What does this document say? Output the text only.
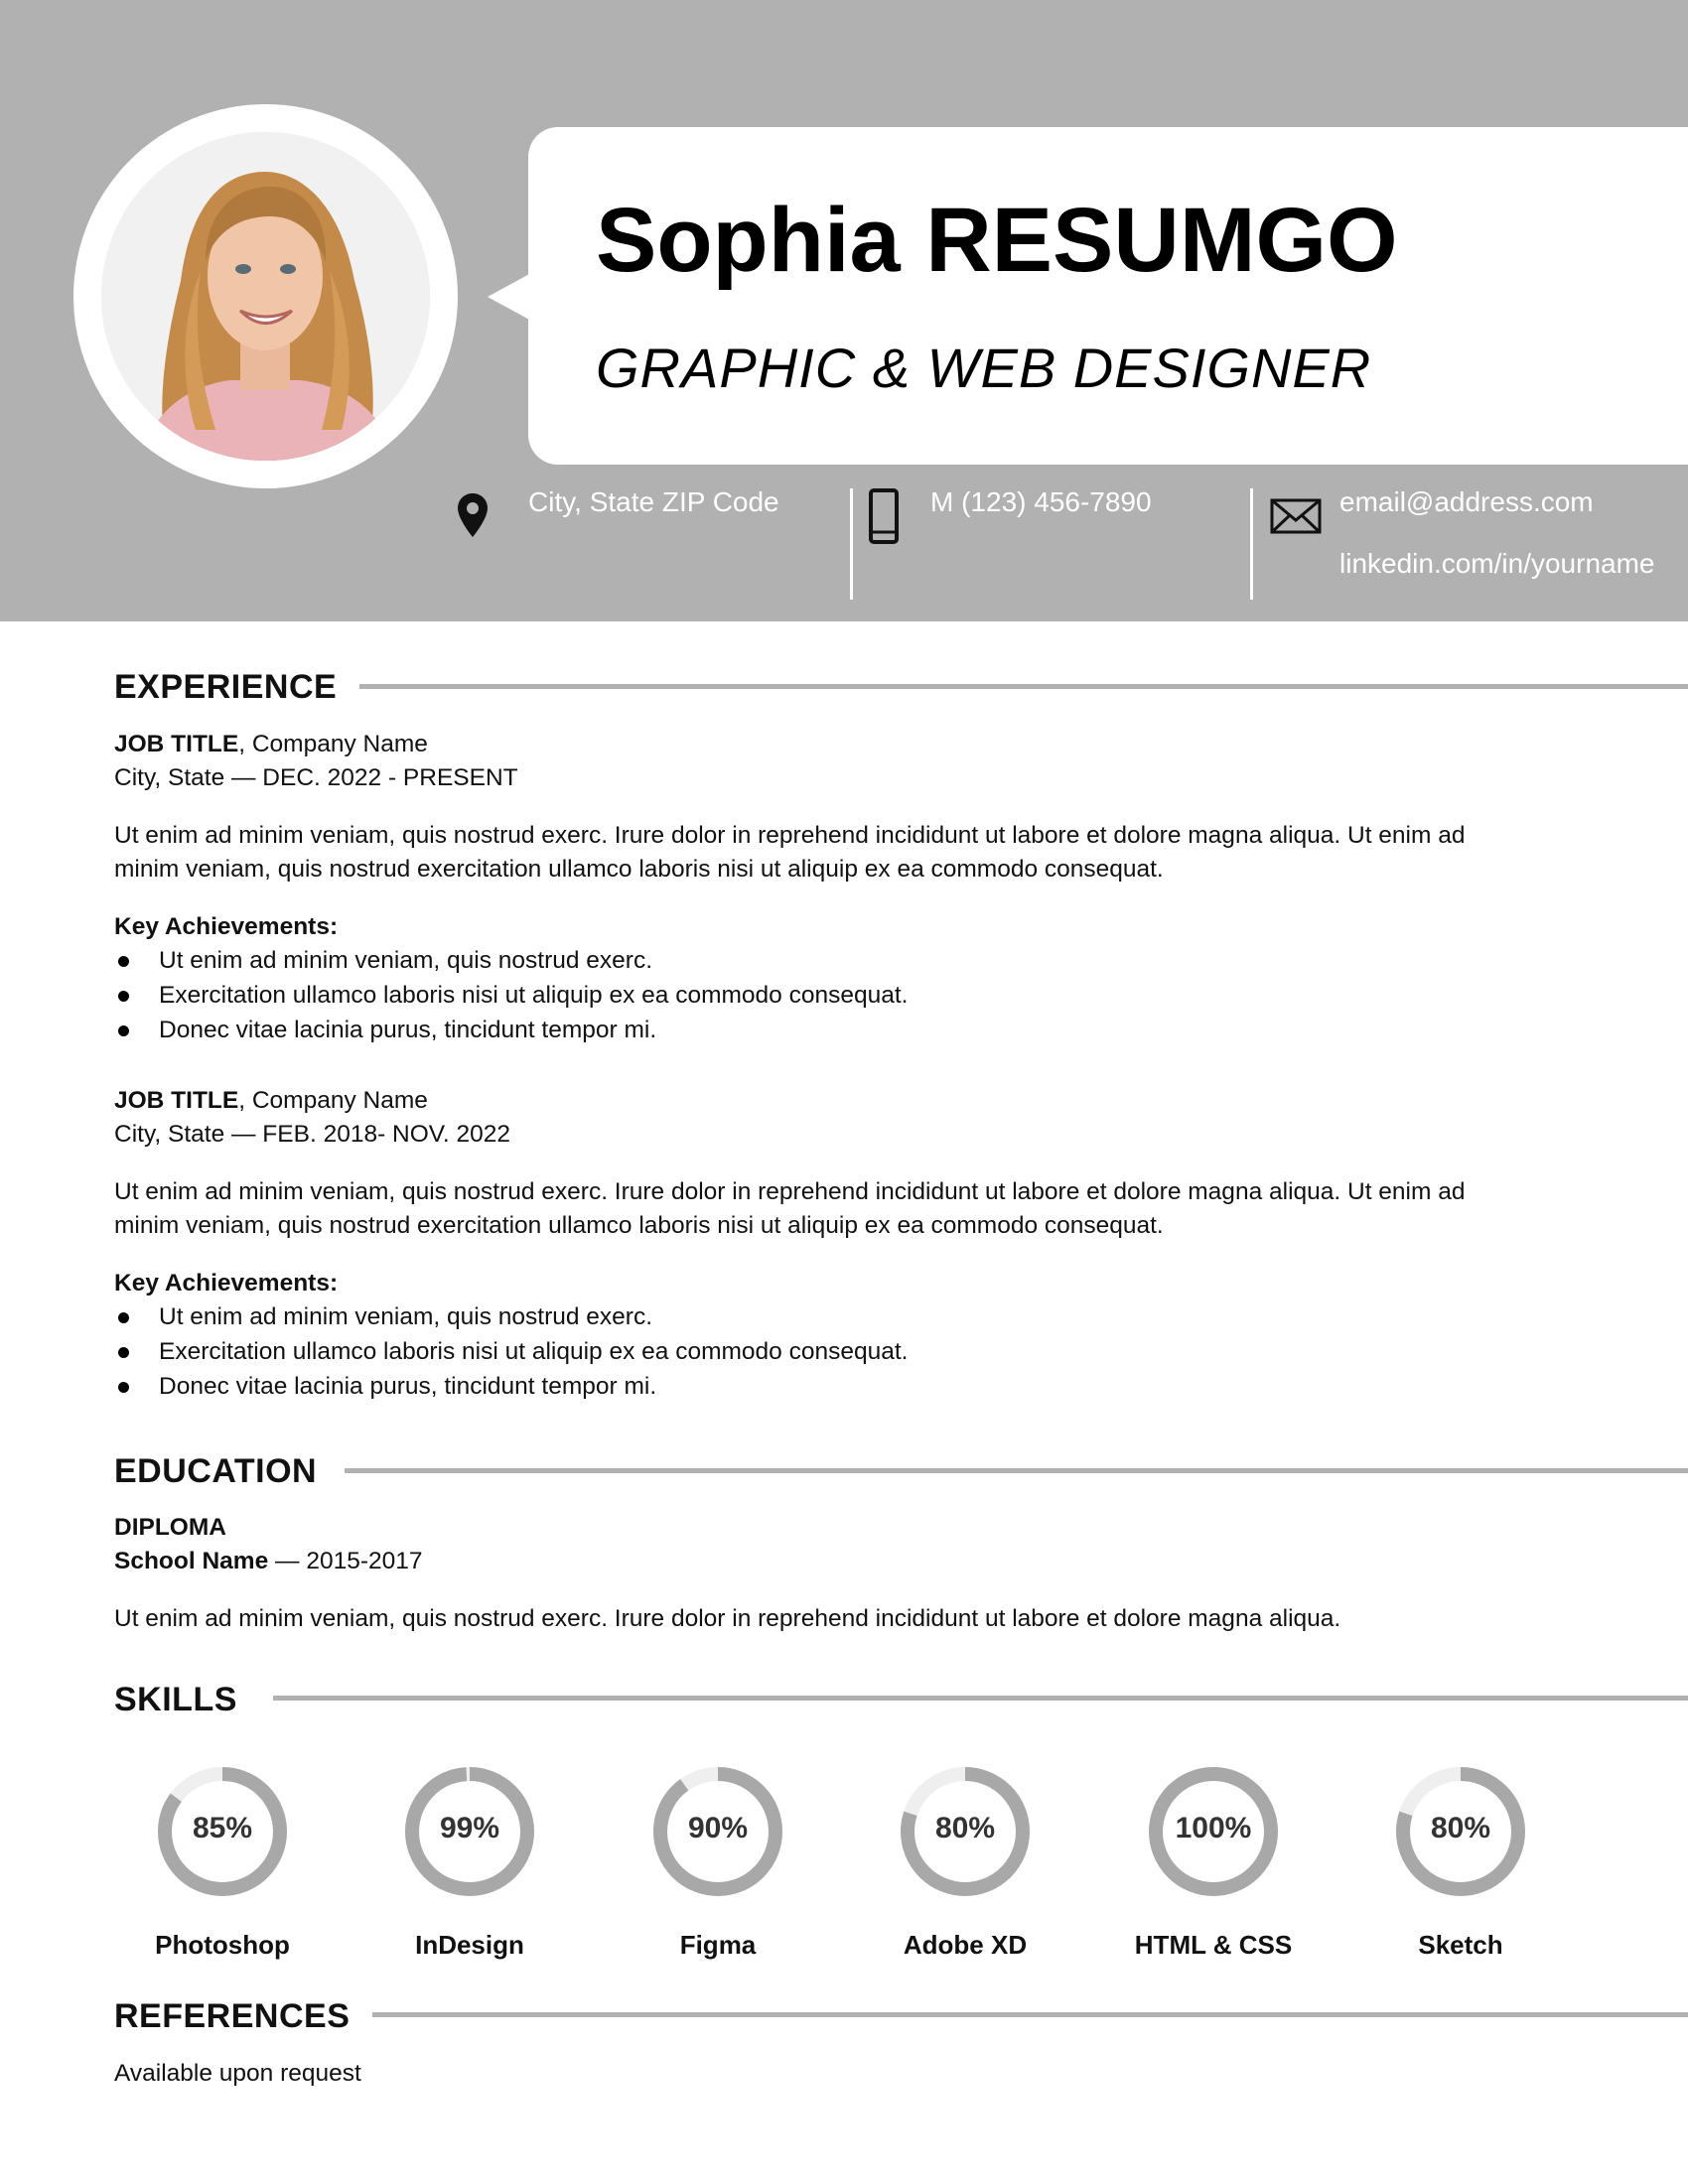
Sophia RESUMGO
GRAPHIC & WEB DESIGNER
City, State ZIP Code	M (123) 456-7890	email@address.com
linkedin.com/in/yourname
EXPERIENCE
JOB TITLE, Company Name
City, State — DEC. 2022 - PRESENT
Ut enim ad minim veniam, quis nostrud exerc. Irure dolor in reprehend incididunt ut labore et dolore magna aliqua. Ut enim ad
minim veniam, quis nostrud exercitation ullamco laboris nisi ut aliquip ex ea commodo consequat.
Key Achievements:
Ut enim ad minim veniam, quis nostrud exerc.
Exercitation ullamco laboris nisi ut aliquip ex ea commodo consequat.
Donec vitae lacinia purus, tincidunt tempor mi.
JOB TITLE, Company Name
City, State — FEB. 2018- NOV. 2022
Ut enim ad minim veniam, quis nostrud exerc. Irure dolor in reprehend incididunt ut labore et dolore magna aliqua. Ut enim ad
minim veniam, quis nostrud exercitation ullamco laboris nisi ut aliquip ex ea commodo consequat.
Key Achievements:
Ut enim ad minim veniam, quis nostrud exerc.
Exercitation ullamco laboris nisi ut aliquip ex ea commodo consequat.
Donec vitae lacinia purus, tincidunt tempor mi.
EDUCATION
DIPLOMA
School Name — 2015-2017
Ut enim ad minim veniam, quis nostrud exerc. Irure dolor in reprehend incididunt ut labore et dolore magna aliqua.
SKILLS
85%
Photoshop
99%
InDesign
90%
Figma
80%
Adobe XD
100%
HTML & CSS
80%
Sketch
REFERENCES
Available upon request
